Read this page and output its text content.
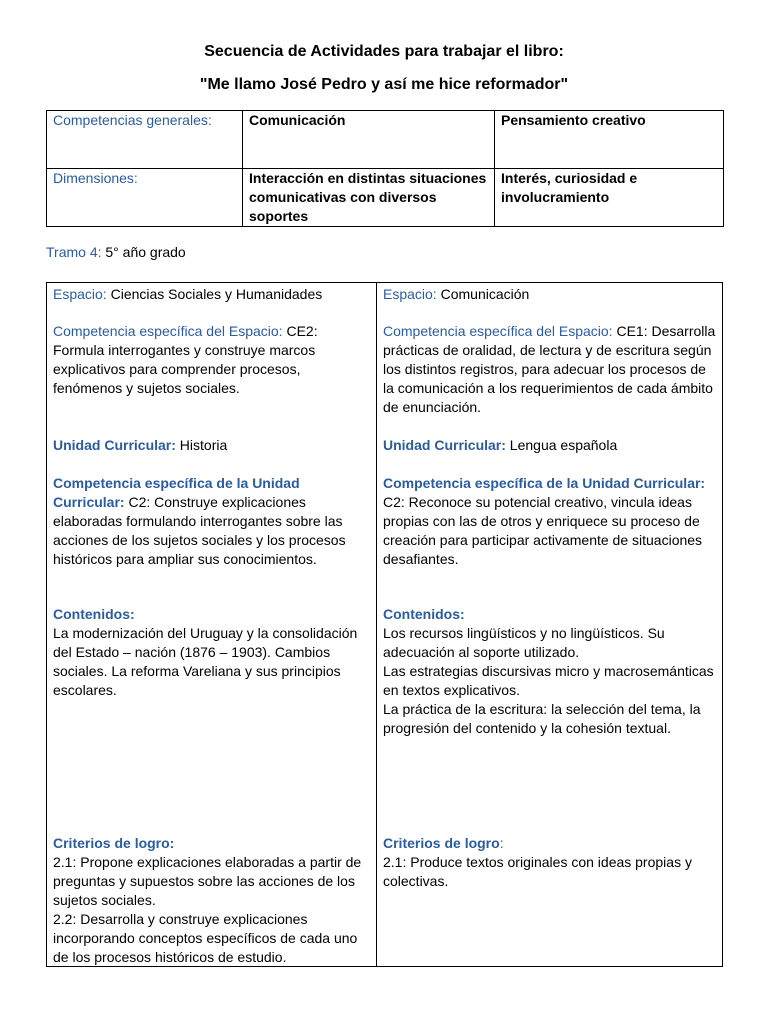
Secuencia de Actividades para trabajar el libro:
"Me llamo José Pedro y así me hice reformador"
Competencias generales:	Comunicación	Pensamiento creativo
Dimensiones:	Interacción en distintas situaciones comunicativas con diversos soportes	Interés, curiosidad e involucramiento
Tramo 4: 5° año grado

Espacio: Ciencias Sociales y Humanidades

Competencia específica del Espacio: CE2: Formula interrogantes y construye marcos explicativos para comprender procesos, fenómenos y sujetos sociales.

Unidad Curricular: Historia

Competencia específica de la Unidad Curricular: C2: Construye explicaciones elaboradas formulando interrogantes sobre las acciones de los sujetos sociales y los procesos históricos para ampliar sus conocimientos.

Contenidos:

La modernización del Uruguay y la consolidación del Estado – nación (1876 – 1903). Cambios sociales. La reforma Vareliana y sus principios escolares.

Criterios de logro:

2.1: Propone explicaciones elaboradas a partir de preguntas y supuestos sobre las acciones de los sujetos sociales.

2.2: Desarrolla y construye explicaciones incorporando conceptos específicos de cada uno de los procesos históricos de estudio.

Espacio: Comunicación

Competencia específica del Espacio: CE1: Desarrolla prácticas de oralidad, de lectura y de escritura según los distintos registros, para adecuar los procesos de la comunicación a los requerimientos de cada ámbito de enunciación.

Unidad Curricular: Lengua española

Competencia específica de la Unidad Curricular: C2: Reconoce su potencial creativo, vincula ideas propias con las de otros y enriquece su proceso de creación para participar activamente de situaciones desafiantes.

Contenidos:

Los recursos lingüísticos y no lingüísticos. Su adecuación al soporte utilizado.

Las estrategias discursivas micro y macrosemánticas en textos explicativos.

La práctica de la escritura: la selección del tema, la progresión del contenido y la cohesión textual.

Criterios de logro:

2.1: Produce textos originales con ideas propias y colectivas.
